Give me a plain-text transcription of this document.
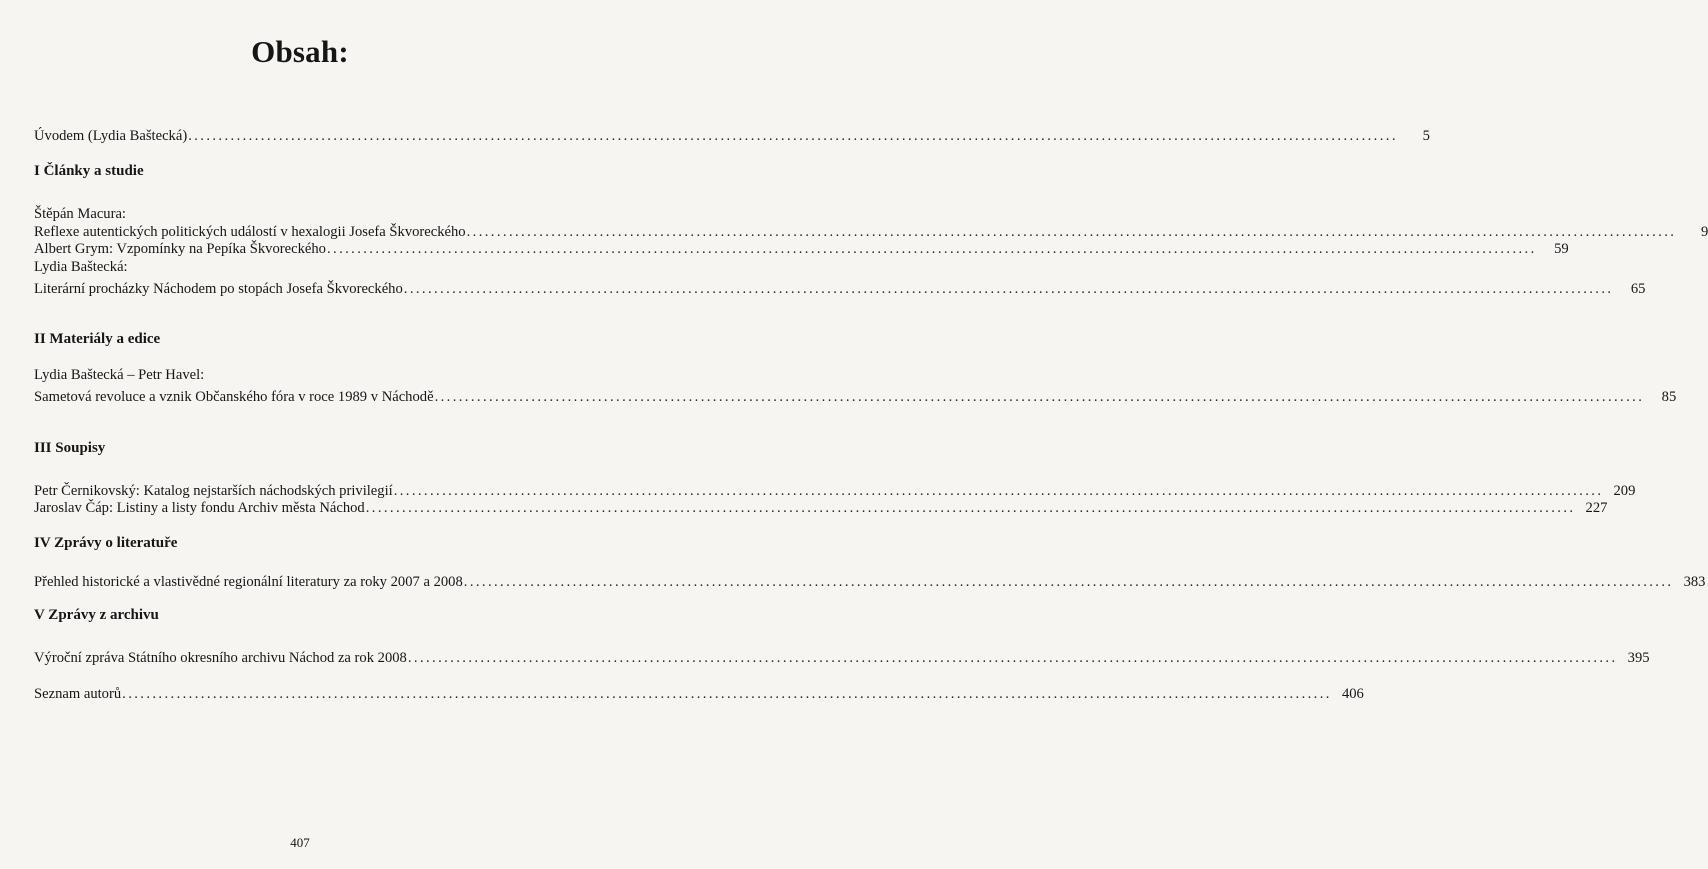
Obsah:
Úvodem (Lydia Baštecká) ........................................................................................................................................................................................................	5
I Články a studie
Štěpán Macura:
Reflexe autentických politických událostí v hexalogii Josefa Škvoreckého ........................................................................................................................................................................................................	9
Albert Grym: Vzpomínky na Pepíka Škvoreckého ........................................................................................................................................................................................................	59
Lydia Baštecká:
Literární procházky Náchodem po stopách Josefa Škvoreckého ........................................................................................................................................................................................................	65
II Materiály a edice
Lydia Baštecká – Petr Havel:
Sametová revoluce a vznik Občanského fóra v roce 1989 v Náchodě ........................................................................................................................................................................................................	85
III Soupisy
Petr Černikovský: Katalog nejstarších náchodských privilegií ........................................................................................................................................................................................................ 209
Jaroslav Čáp: Listiny a listy fondu Archiv města Náchod ........................................................................................................................................................................................................ 227
IV Zprávy o literatuře
Přehled historické a vlastivědné regionální literatury za roky 2007 a 2008 ........................................................................................................................................................................................................ 383
V Zprávy z archivu
Výroční zpráva Státního okresního archivu Náchod za rok 2008 ........................................................................................................................................................................................................ 395
Seznam autorů ........................................................................................................................................................................................................ 406
407
